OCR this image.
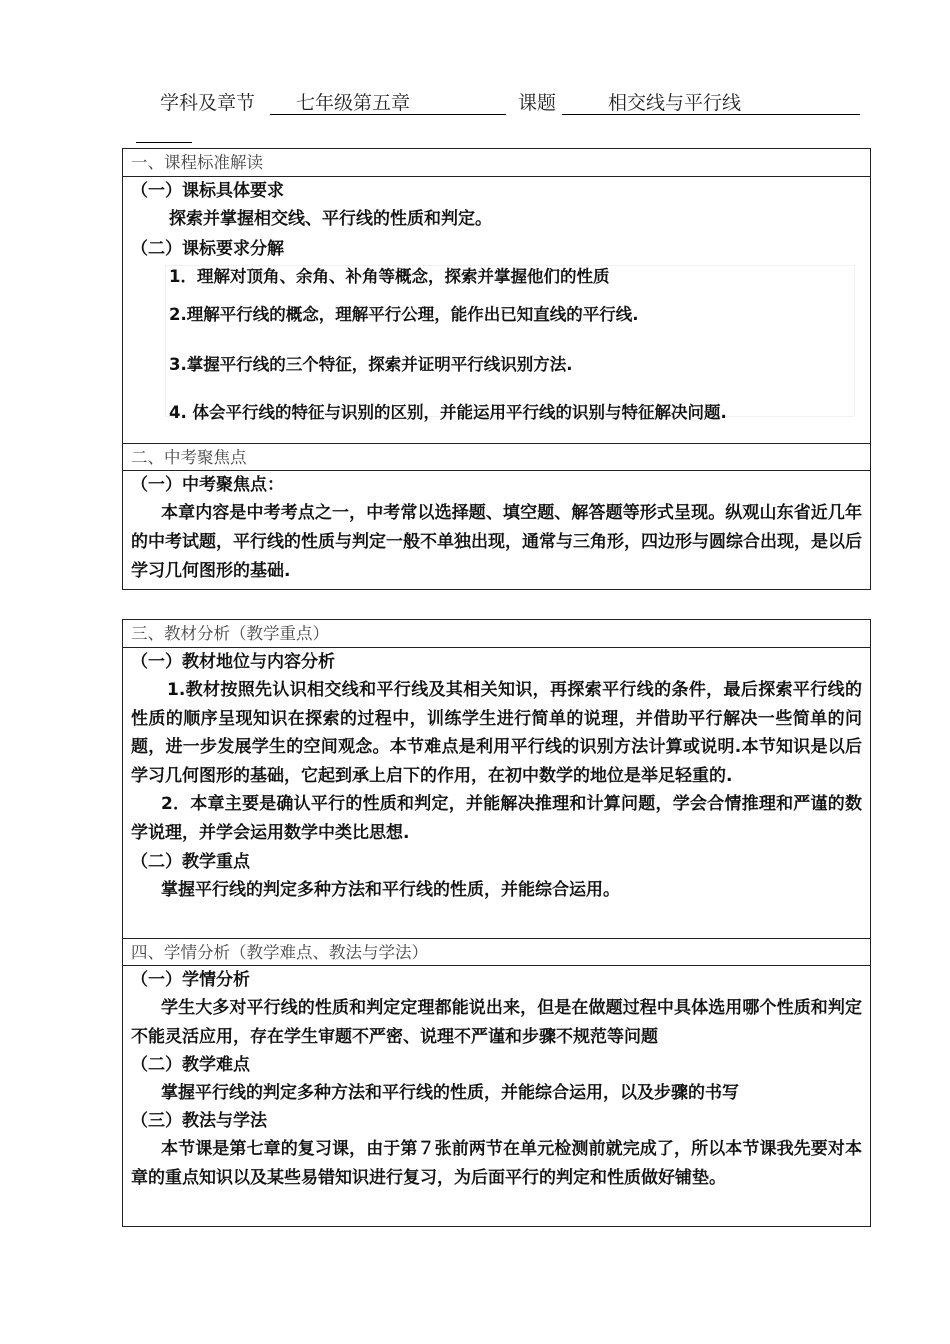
学科及章节 七年级第五章	课题	相交线与平行线
一、课程标准解读
（一）课标具体要求
探索并掌握相交线、平行线的性质和判定。
（二）课标要求分解
1．理解对顶角、余角、补角等概念，探索并掌握他们的性质
2.理解平行线的概念，理解平行公理，能作出已知直线的平行线.
3.掌握平行线的三个特征，探索并证明平行线识别方法.
4. 体会平行线的特征与识别的区别，并能运用平行线的识别与特征解决问题.
二、中考聚焦点
（一）中考聚焦点：
本章内容是中考考点之一，中考常以选择题、填空题、解答题等形式呈现。纵观山东省近几年的中考试题，平行线的性质与判定一般不单独出现，通常与三角形，四边形与圆综合出现，是以后学习几何图形的基础.
三、教材分析（教学重点）
（一）教材地位与内容分析
1.教材按照先认识相交线和平行线及其相关知识，再探索平行线的条件，最后探索平行线的性质的顺序呈现知识在探索的过程中，训练学生进行简单的说理，并借助平行解决一些简单的问题，进一步发展学生的空间观念。本节难点是利用平行线的识别方法计算或说明.本节知识是以后学习几何图形的基础，它起到承上启下的作用，在初中数学的地位是举足轻重的.
2．本章主要是确认平行的性质和判定，并能解决推理和计算问题，学会合情推理和严谨的数学说理，并学会运用数学中类比思想.
（二）教学重点
掌握平行线的判定多种方法和平行线的性质，并能综合运用。
四、学情分析（教学难点、教法与学法）
（一）学情分析
学生大多对平行线的性质和判定定理都能说出来，但是在做题过程中具体选用哪个性质和判定不能灵活应用，存在学生审题不严密、说理不严谨和步骤不规范等问题
（二）教学难点
掌握平行线的判定多种方法和平行线的性质，并能综合运用，以及步骤的书写
（三）教法与学法
本节课是第七章的复习课，由于第７张前两节在单元检测前就完成了，所以本节课我先要对本章的重点知识以及某些易错知识进行复习，为后面平行的判定和性质做好铺垫。
